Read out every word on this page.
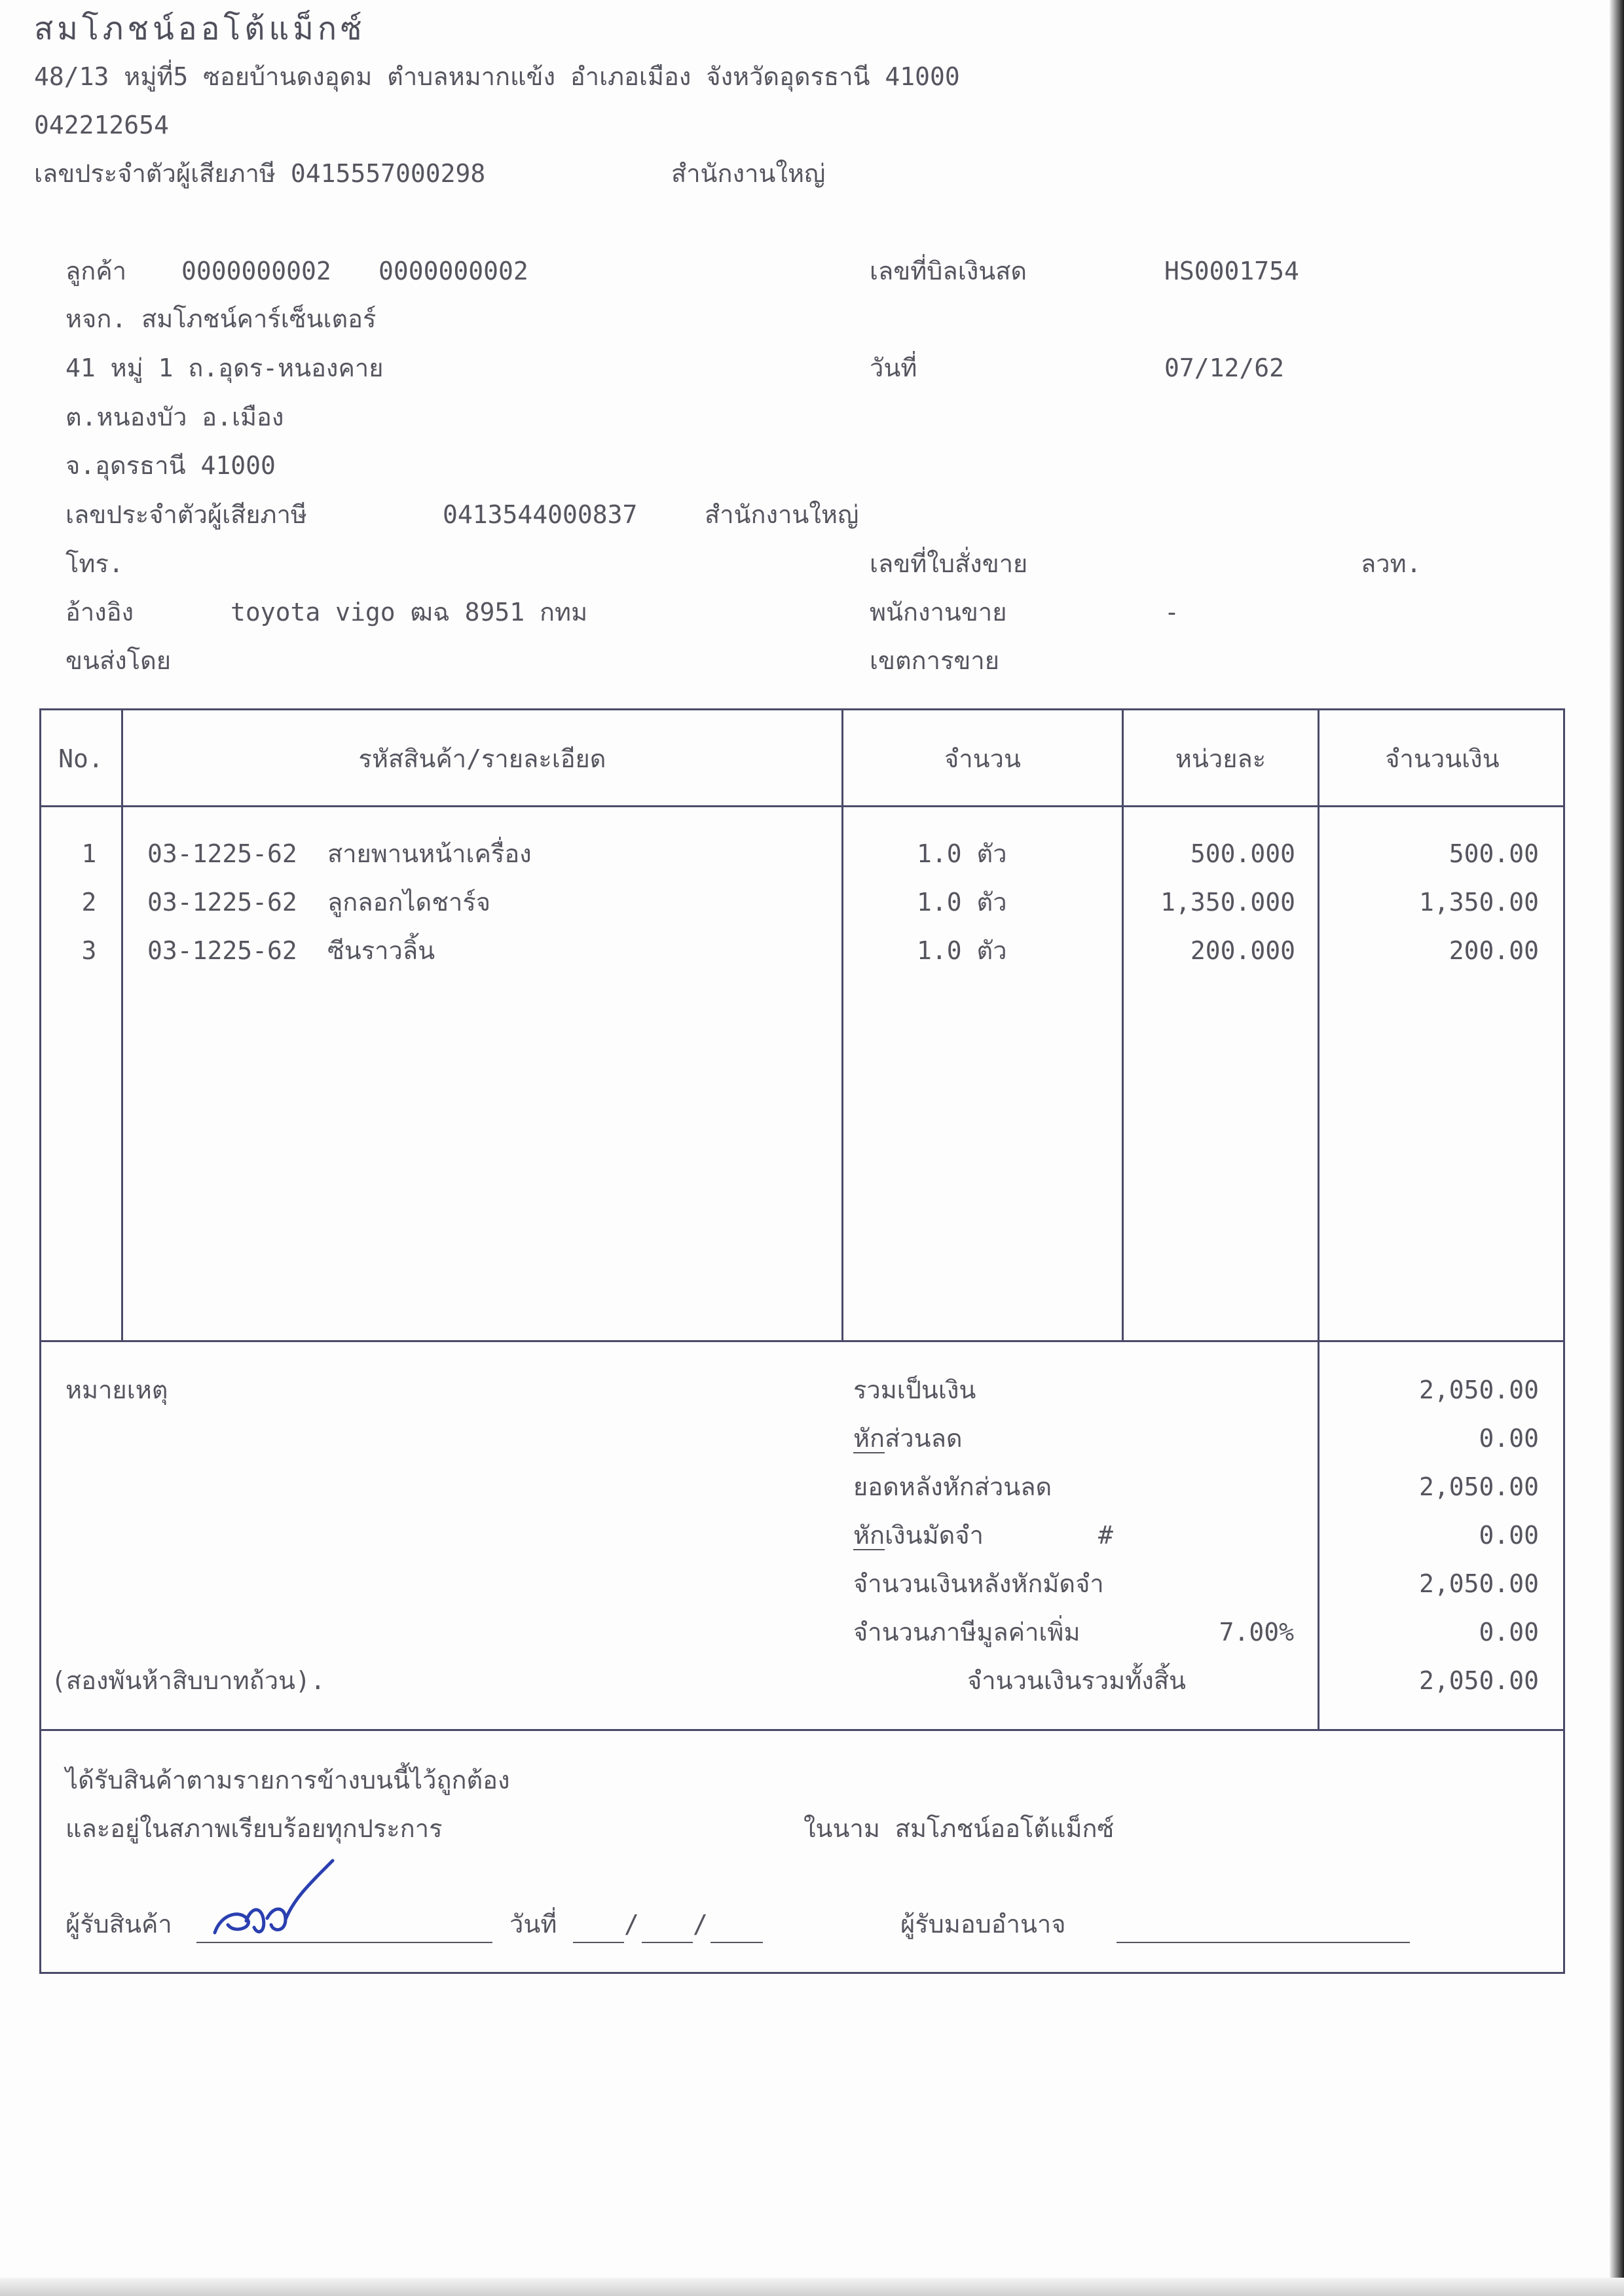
สมโภชน์ออโต้แม็กซ์
48/13 หมู่ที่5 ซอยบ้านดงอุดม ตำบลหมากแข้ง อำเภอเมือง จังหวัดอุดรธานี 41000
042212654
เลขประจำตัวผู้เสียภาษี 0415557000298	สำนักงานใหญ่
ลูกค้า 0000000002 0000000002
หจก. สมโภชน์คาร์เซ็นเตอร์
41 หมู่ 1 ถ.อุดร-หนองคาย
ต.หนองบัว อ.เมือง
จ.อุดรธานี 41000
เลขประจำตัวผู้เสียภาษี	0413544000837	สำนักงานใหญ่
โทร.
อ้างอิง	toyota vigo ฒฉ 8951 กทม
ขนส่งโดย
เลขที่บิลเงินสด	HS0001754
วันที่	07/12/62
เลขที่ใบสั่งขาย	ลวท.
พนักงานขาย	-
เขตการขาย
No.	รหัสสินค้า/รายละเอียด	จำนวน	หน่วยละ	จำนวนเงิน
1	03-1225-62 สายพานหน้าเครื่อง	1.0 ตัว	500.000	500.00
2	03-1225-62 ลูกลอกไดชาร์จ	1.0 ตัว	1,350.000	1,350.00
3	03-1225-62 ซีนราวลิ้น	1.0 ตัว	200.000	200.00
หมายเหตุ	รวมเป็นเงิน	2,050.00
หักส่วนลด	0.00
ยอดหลังหักส่วนลด	2,050.00
หักเงินมัดจำ	#	0.00
จำนวนเงินหลังหักมัดจำ	2,050.00
จำนวนภาษีมูลค่าเพิ่ม	7.00%	0.00
(สองพันห้าสิบบาทถ้วน).	จำนวนเงินรวมทั้งสิ้น	2,050.00
ได้รับสินค้าตามรายการข้างบนนี้ไว้ถูกต้อง
และอยู่ในสภาพเรียบร้อยทุกประการ	ในนาม สมโภชน์ออโต้แม็กซ์
ผู้รับสินค้า	วันที่	/ /	ผู้รับมอบอำนาจ
